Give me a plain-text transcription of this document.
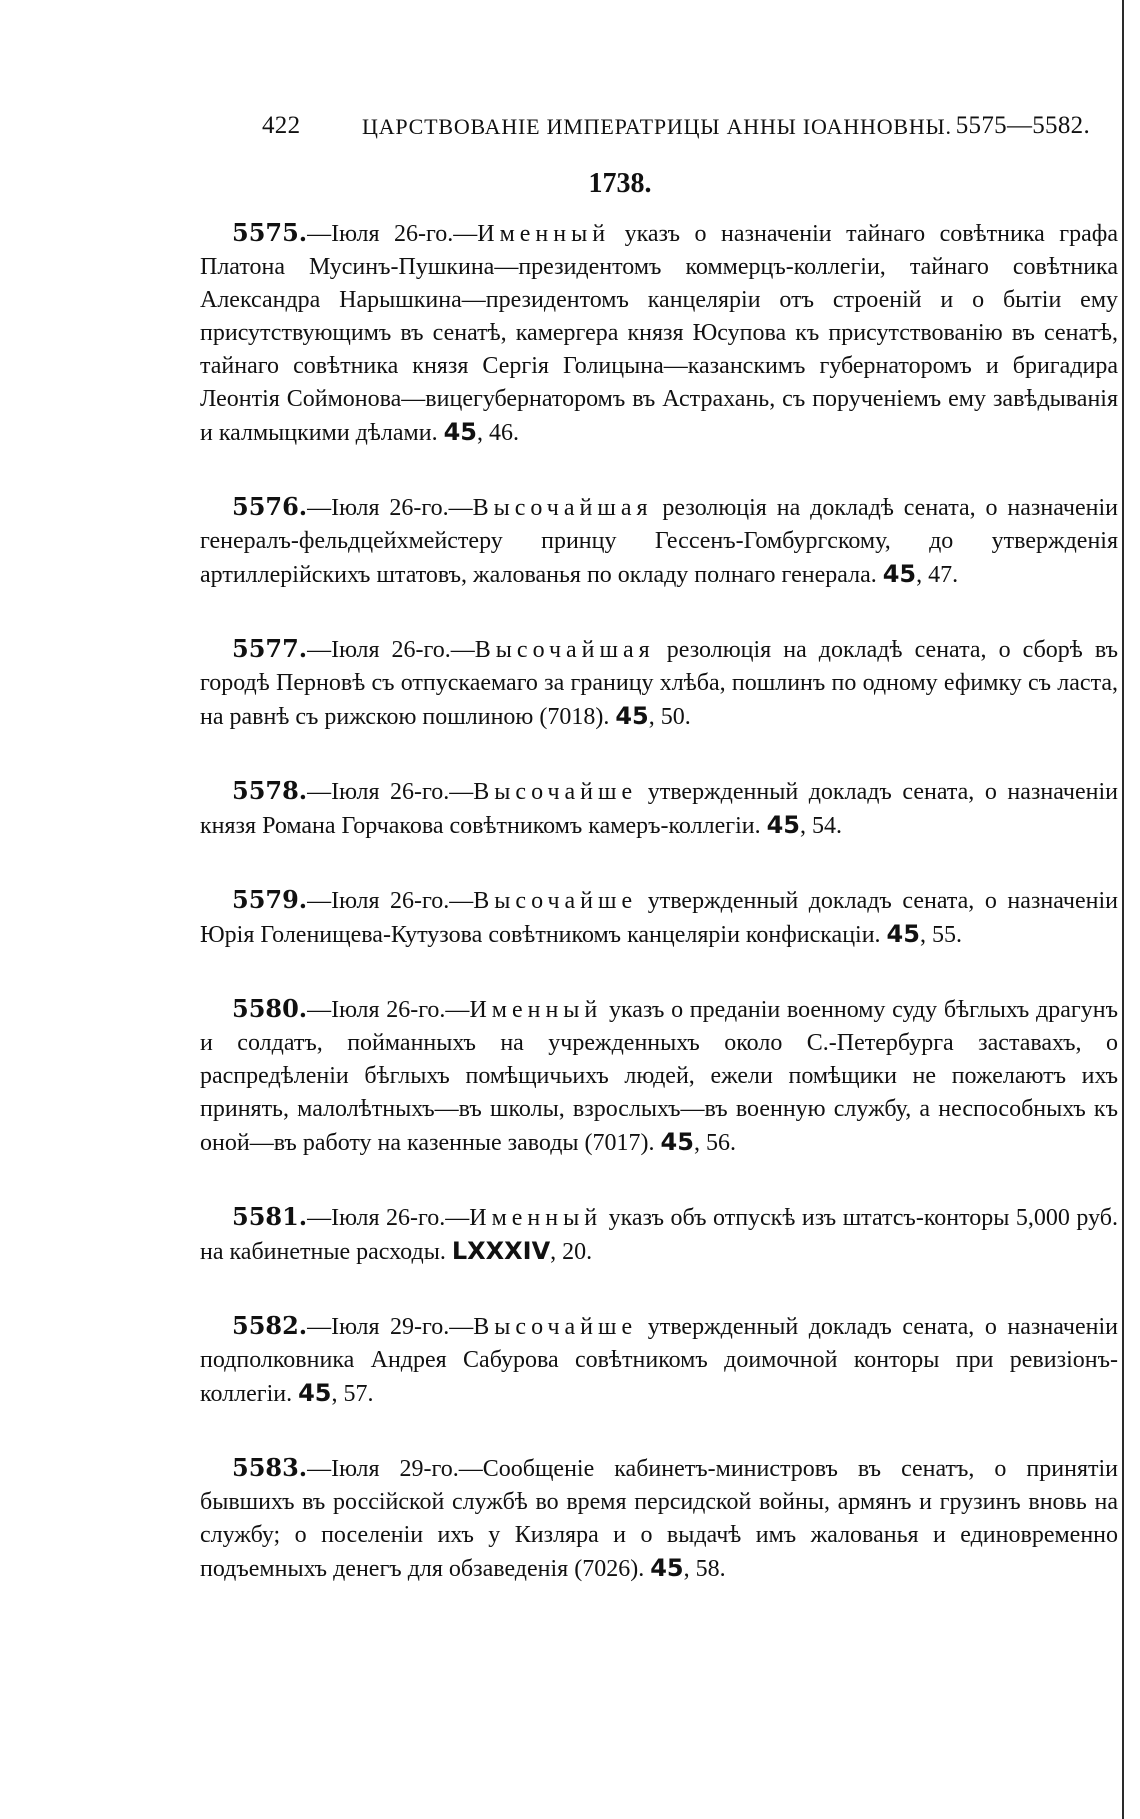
422	ЦАРСТВОВАНІЕ ИМПЕРАТРИЦЫ АННЫ ІОАННОВНЫ. 5575—5582.
1738.

5575.—Іюля 26-го.—Именный указъ о назначеніи тайнаго совѣтника графа Платона Мусинъ-Пушкина—президентомъ коммерцъ-коллегіи, тайнаго совѣтника Александра Нарышкина—президентомъ канцеляріи отъ строеній и о бытіи ему присутствующимъ въ сенатѣ, камергера князя Юсупова къ присутствованію въ сенатѣ, тайнаго совѣтника князя Сергія Голицына—казанскимъ губернаторомъ и бригадира Леонтія Соймонова—вицегубернаторомъ въ Астрахань, съ порученіемъ ему завѣдыванія и калмыцкими дѣлами. 45, 46.

5576.—Іюля 26-го.—Высочайшая резолюція на докладѣ сената, о назначеніи генералъ-фельдцейхмейстеру принцу Гессенъ-Гомбургскому, до утвержденія артиллерійскихъ штатовъ, жалованья по окладу полнаго генерала. 45, 47.

5577.—Іюля 26-го.—Высочайшая резолюція на докладѣ сената, о сборѣ въ городѣ Перновѣ съ отпускаемаго за границу хлѣба, пошлинъ по одному ефимку съ ласта, на равнѣ съ рижскою пошлиною (7018). 45, 50.

5578.—Іюля 26-го.—Высочайше утвержденный докладъ сената, о назначеніи князя Романа Горчакова совѣтникомъ камеръ-коллегіи. 45, 54.

5579.—Іюля 26-го.—Высочайше утвержденный докладъ сената, о назначеніи Юрія Голенищева-Кутузова совѣтникомъ канцеляріи конфискаціи. 45, 55.

5580.—Іюля 26-го.—Именный указъ о преданіи военному суду бѣглыхъ драгунъ и солдатъ, пойманныхъ на учрежденныхъ около С.-Петербурга заставахъ, о распредѣленіи бѣглыхъ помѣщичьихъ людей, ежели помѣщики не пожелаютъ ихъ принять, малолѣтныхъ—въ школы, взрослыхъ—въ военную службу, а неспособныхъ къ оной—въ работу на казенные заводы (7017). 45, 56.

5581.—Іюля 26-го.—Именный указъ объ отпускѣ изъ штатсъ-конторы 5,000 руб. на кабинетные расходы. LXXXIV, 20.

5582.—Іюля 29-го.—Высочайше утвержденный докладъ сената, о назначеніи подполковника Андрея Сабурова совѣтникомъ доимочной конторы при ревизіонъ-коллегіи. 45, 57.

5583.—Іюля 29-го.—Сообщеніе кабинетъ-министровъ въ сенатъ, о принятіи бывшихъ въ россійской службѣ во время персидской войны, армянъ и грузинъ вновь на службу; о поселеніи ихъ у Кизляра и о выдачѣ имъ жалованья и единовременно подъемныхъ денегъ для обзаведенія (7026). 45, 58.
